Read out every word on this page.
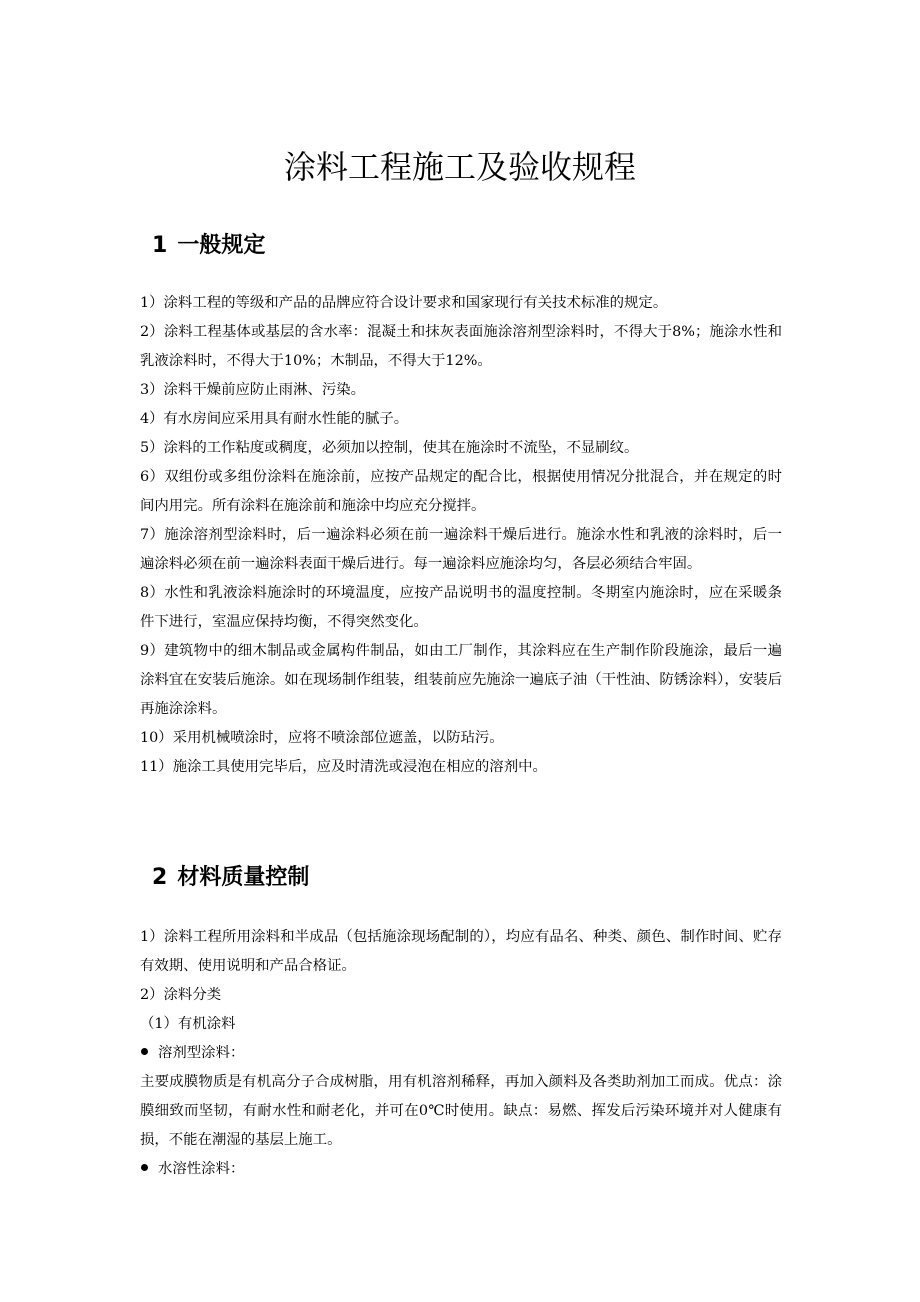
涂料工程施工及验收规程
1 一般规定

1）涂料工程的等级和产品的品牌应符合设计要求和国家现行有关技术标准的规定。

2）涂料工程基体或基层的含水率：混凝土和抹灰表面施涂溶剂型涂料时，不得大于8%；施涂水性和乳液涂料时，不得大于10%；木制品，不得大于12%。

3）涂料干燥前应防止雨淋、污染。

4）有水房间应采用具有耐水性能的腻子。

5）涂料的工作粘度或稠度，必须加以控制，使其在施涂时不流坠，不显刷纹。

6）双组份或多组份涂料在施涂前，应按产品规定的配合比，根据使用情况分批混合，并在规定的时间内用完。所有涂料在施涂前和施涂中均应充分搅拌。

7）施涂溶剂型涂料时，后一遍涂料必须在前一遍涂料干燥后进行。施涂水性和乳液的涂料时，后一遍涂料必须在前一遍涂料表面干燥后进行。每一遍涂料应施涂均匀，各层必须结合牢固。

8）水性和乳液涂料施涂时的环境温度，应按产品说明书的温度控制。冬期室内施涂时，应在采暖条件下进行，室温应保持均衡，不得突然变化。

9）建筑物中的细木制品或金属构件制品，如由工厂制作，其涂料应在生产制作阶段施涂，最后一遍涂料宜在安装后施涂。如在现场制作组装，组装前应先施涂一遍底子油（干性油、防锈涂料），安装后再施涂涂料。

10）采用机械喷涂时，应将不喷涂部位遮盖，以防玷污。

11）施涂工具使用完毕后，应及时清洗或浸泡在相应的溶剂中。

2 材料质量控制

1）涂料工程所用涂料和半成品（包括施涂现场配制的），均应有品名、种类、颜色、制作时间、贮存有效期、使用说明和产品合格证。

2）涂料分类

（1）有机涂料

溶剂型涂料：

主要成膜物质是有机高分子合成树脂，用有机溶剂稀释，再加入颜料及各类助剂加工而成。优点：涂膜细致而坚韧，有耐水性和耐老化，并可在0℃时使用。缺点：易燃、挥发后污染环境并对人健康有损，不能在潮湿的基层上施工。

水溶性涂料：
